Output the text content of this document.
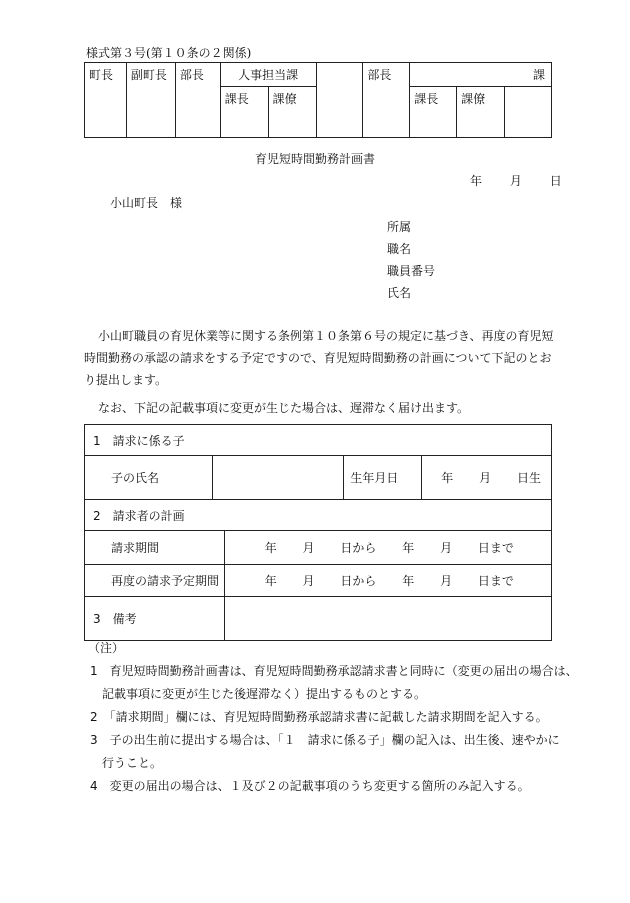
様式第３号(第１０条の２関係)
町長	副町長	部長	人事担当課			部長	課		
			課長	課僚			課長	課僚	
育児短時間勤務計画書
年 月 日
小山町長　様
所属
職名
職員番号
氏名
小山町職員の育児休業等に関する条例第１０条第６号の規定に基づき、再度の育児短時間勤務の承認の請求をする予定ですので、育児短時間勤務の計画について下記のとおり提出します。
なお、下記の記載事項に変更が生じた場合は、遅滞なく届け出ます。
1　請求に係る子				
子の氏名			生年月日	年 月 日生
2　請求者の計画				
請求期間		年 月 日から 年 月 日まで		
再度の請求予定期間		年 月 日から 年 月 日まで		
3　備考				
（注）
1　育児短時間勤務計画書は、育児短時間勤務承認請求書と同時に（変更の届出の場合は、
記載事項に変更が生じた後遅滞なく）提出するものとする。
2　「請求期間」欄には、育児短時間勤務承認請求書に記載した請求期間を記入する。
3　子の出生前に提出する場合は、「１　請求に係る子」欄の記入は、出生後、速やかに
行うこと。
4　変更の届出の場合は、１及び２の記載事項のうち変更する箇所のみ記入する。
